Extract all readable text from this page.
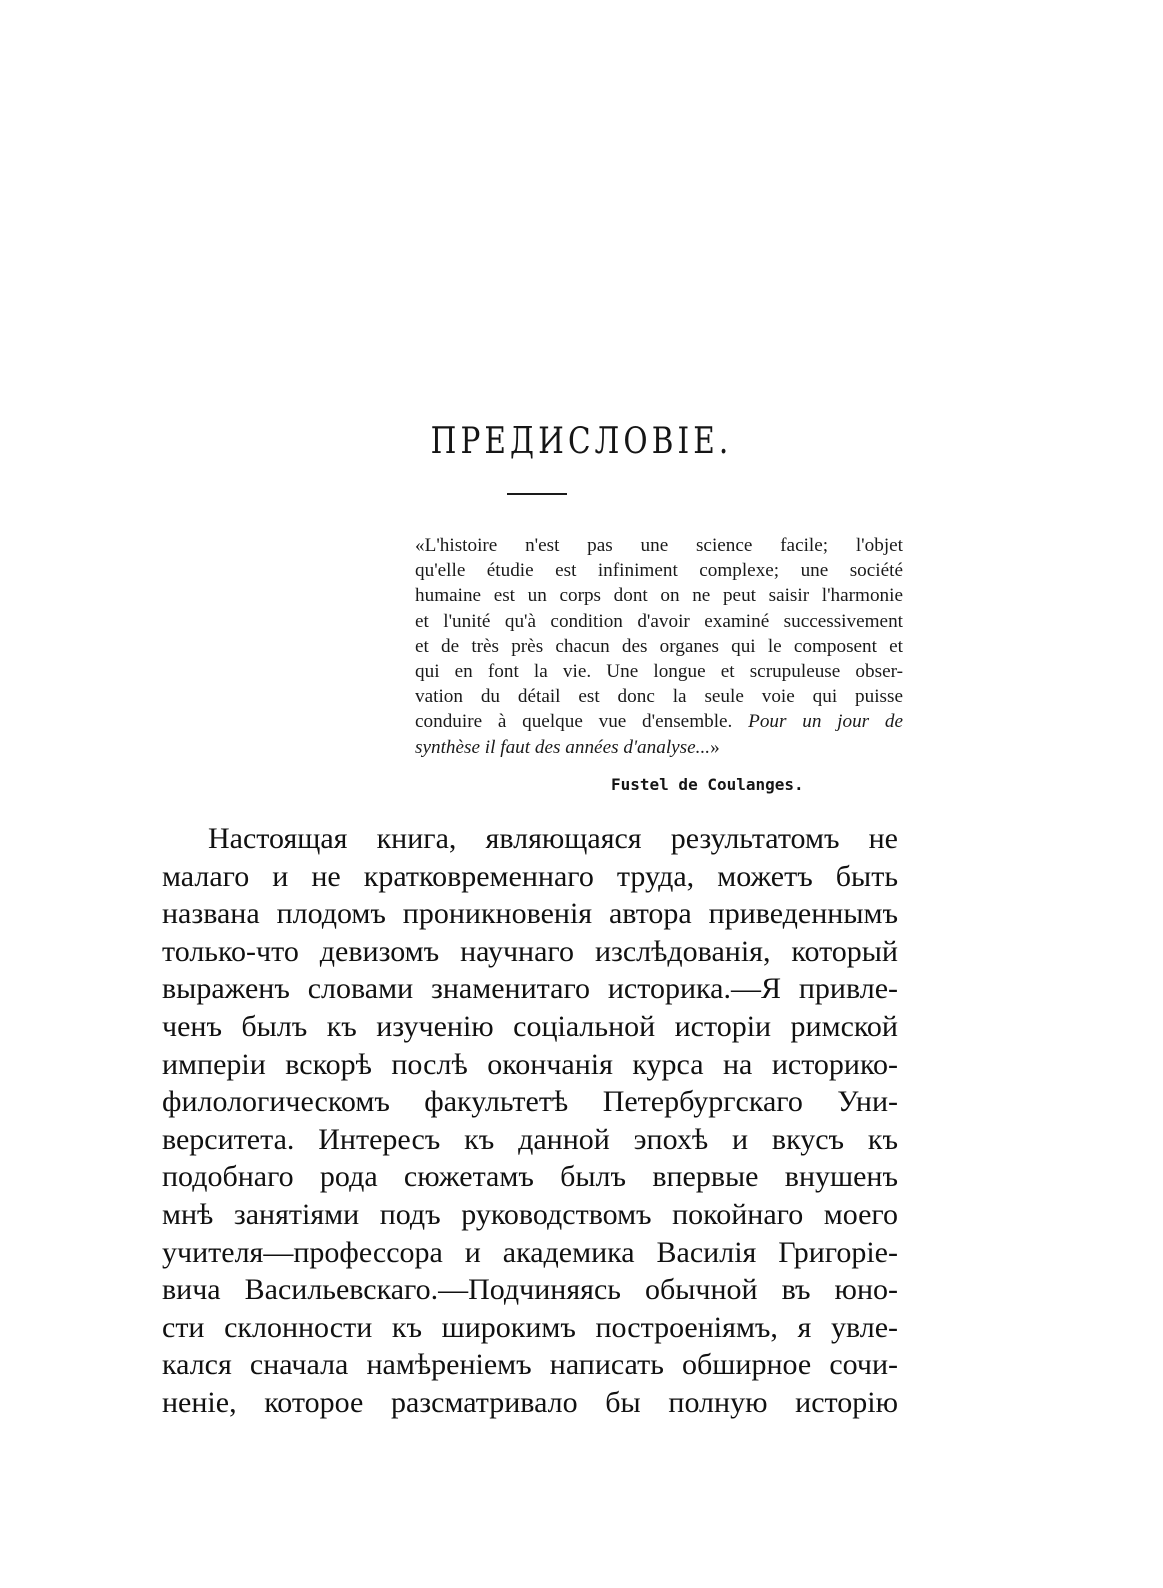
ПРЕДИСЛОВIЕ.
«L'histoire n'est pas une science facile; l'objet
qu'elle étudie est infiniment complexe; une société
humaine est un corps dont on ne peut saisir l'harmonie
et l'unité qu'à condition d'avoir examiné successivement
et de très près chacun des organes qui le composent et
qui en font la vie. Une longue et scrupuleuse obser-
vation du détail est donc la seule voie qui puisse
conduire à quelque vue d'ensemble. Pour un jour de
synthèse il faut des années d'analyse...»
Fustel de Coulanges.
Настоящая книга, являющаяся результатомъ не
малаго и не кратковременнаго труда, можетъ быть
названа плодомъ проникновенiя автора приведеннымъ
только-что девизомъ научнаго изслѣдованiя, который
выраженъ словами знаменитаго историка.—Я привле-
ченъ былъ къ изученiю соцiальной исторiи римской
имперiи вскорѣ послѣ окончанiя курса на историко-
филологическомъ факультетѣ Петербургскаго Уни-
верситета. Интересъ къ данной эпохѣ и вкусъ къ
подобнаго рода сюжетамъ былъ впервые внушенъ
мнѣ занятiями подъ руководствомъ покойнаго моего
учителя—профессора и академика Василiя Григорiе-
вича Васильевскаго.—Подчиняясь обычной въ юно-
сти склонности къ широкимъ построенiямъ, я увле-
кался сначала намѣренiемъ написать обширное сочи-
ненiе, которое разсматривало бы полную исторiю
